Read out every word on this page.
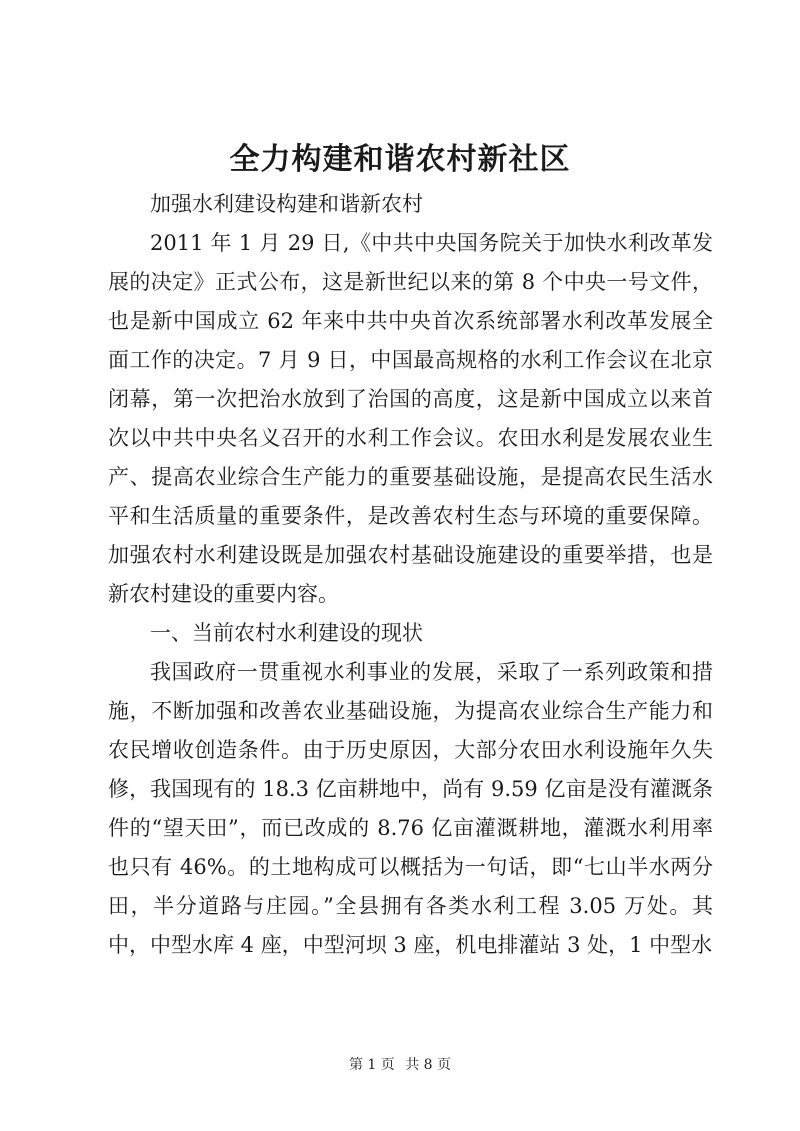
全力构建和谐农村新社区

加强水利建设构建和谐新农村

2011 年 1 月 29 日,《中共中央国务院关于加快水利改革发展的决定》正式公布，这是新世纪以来的第 8 个中央一号文件，也是新中国成立 62 年来中共中央首次系统部署水利改革发展全面工作的决定。7 月 9 日，中国最高规格的水利工作会议在北京闭幕，第一次把治水放到了治国的高度，这是新中国成立以来首次以中共中央名义召开的水利工作会议。农田水利是发展农业生产、提高农业综合生产能力的重要基础设施，是提高农民生活水平和生活质量的重要条件，是改善农村生态与环境的重要保障。加强农村水利建设既是加强农村基础设施建设的重要举措，也是新农村建设的重要内容。

一、当前农村水利建设的现状

我国政府一贯重视水利事业的发展，采取了一系列政策和措施，不断加强和改善农业基础设施，为提高农业综合生产能力和农民增收创造条件。由于历史原因，大部分农田水利设施年久失修，我国现有的 18.3 亿亩耕地中，尚有 9.59 亿亩是没有灌溉条件的“望天田”，而已改成的 8.76 亿亩灌溉耕地，灌溉水利用率也只有 46%。的土地构成可以概括为一句话，即“七山半水两分田，半分道路与庄园。”全县拥有各类水利工程 3.05 万处。其中，中型水库 4 座，中型河坝 3 座，机电排灌站 3 处，1 中型水

第 1 页 共 8 页
